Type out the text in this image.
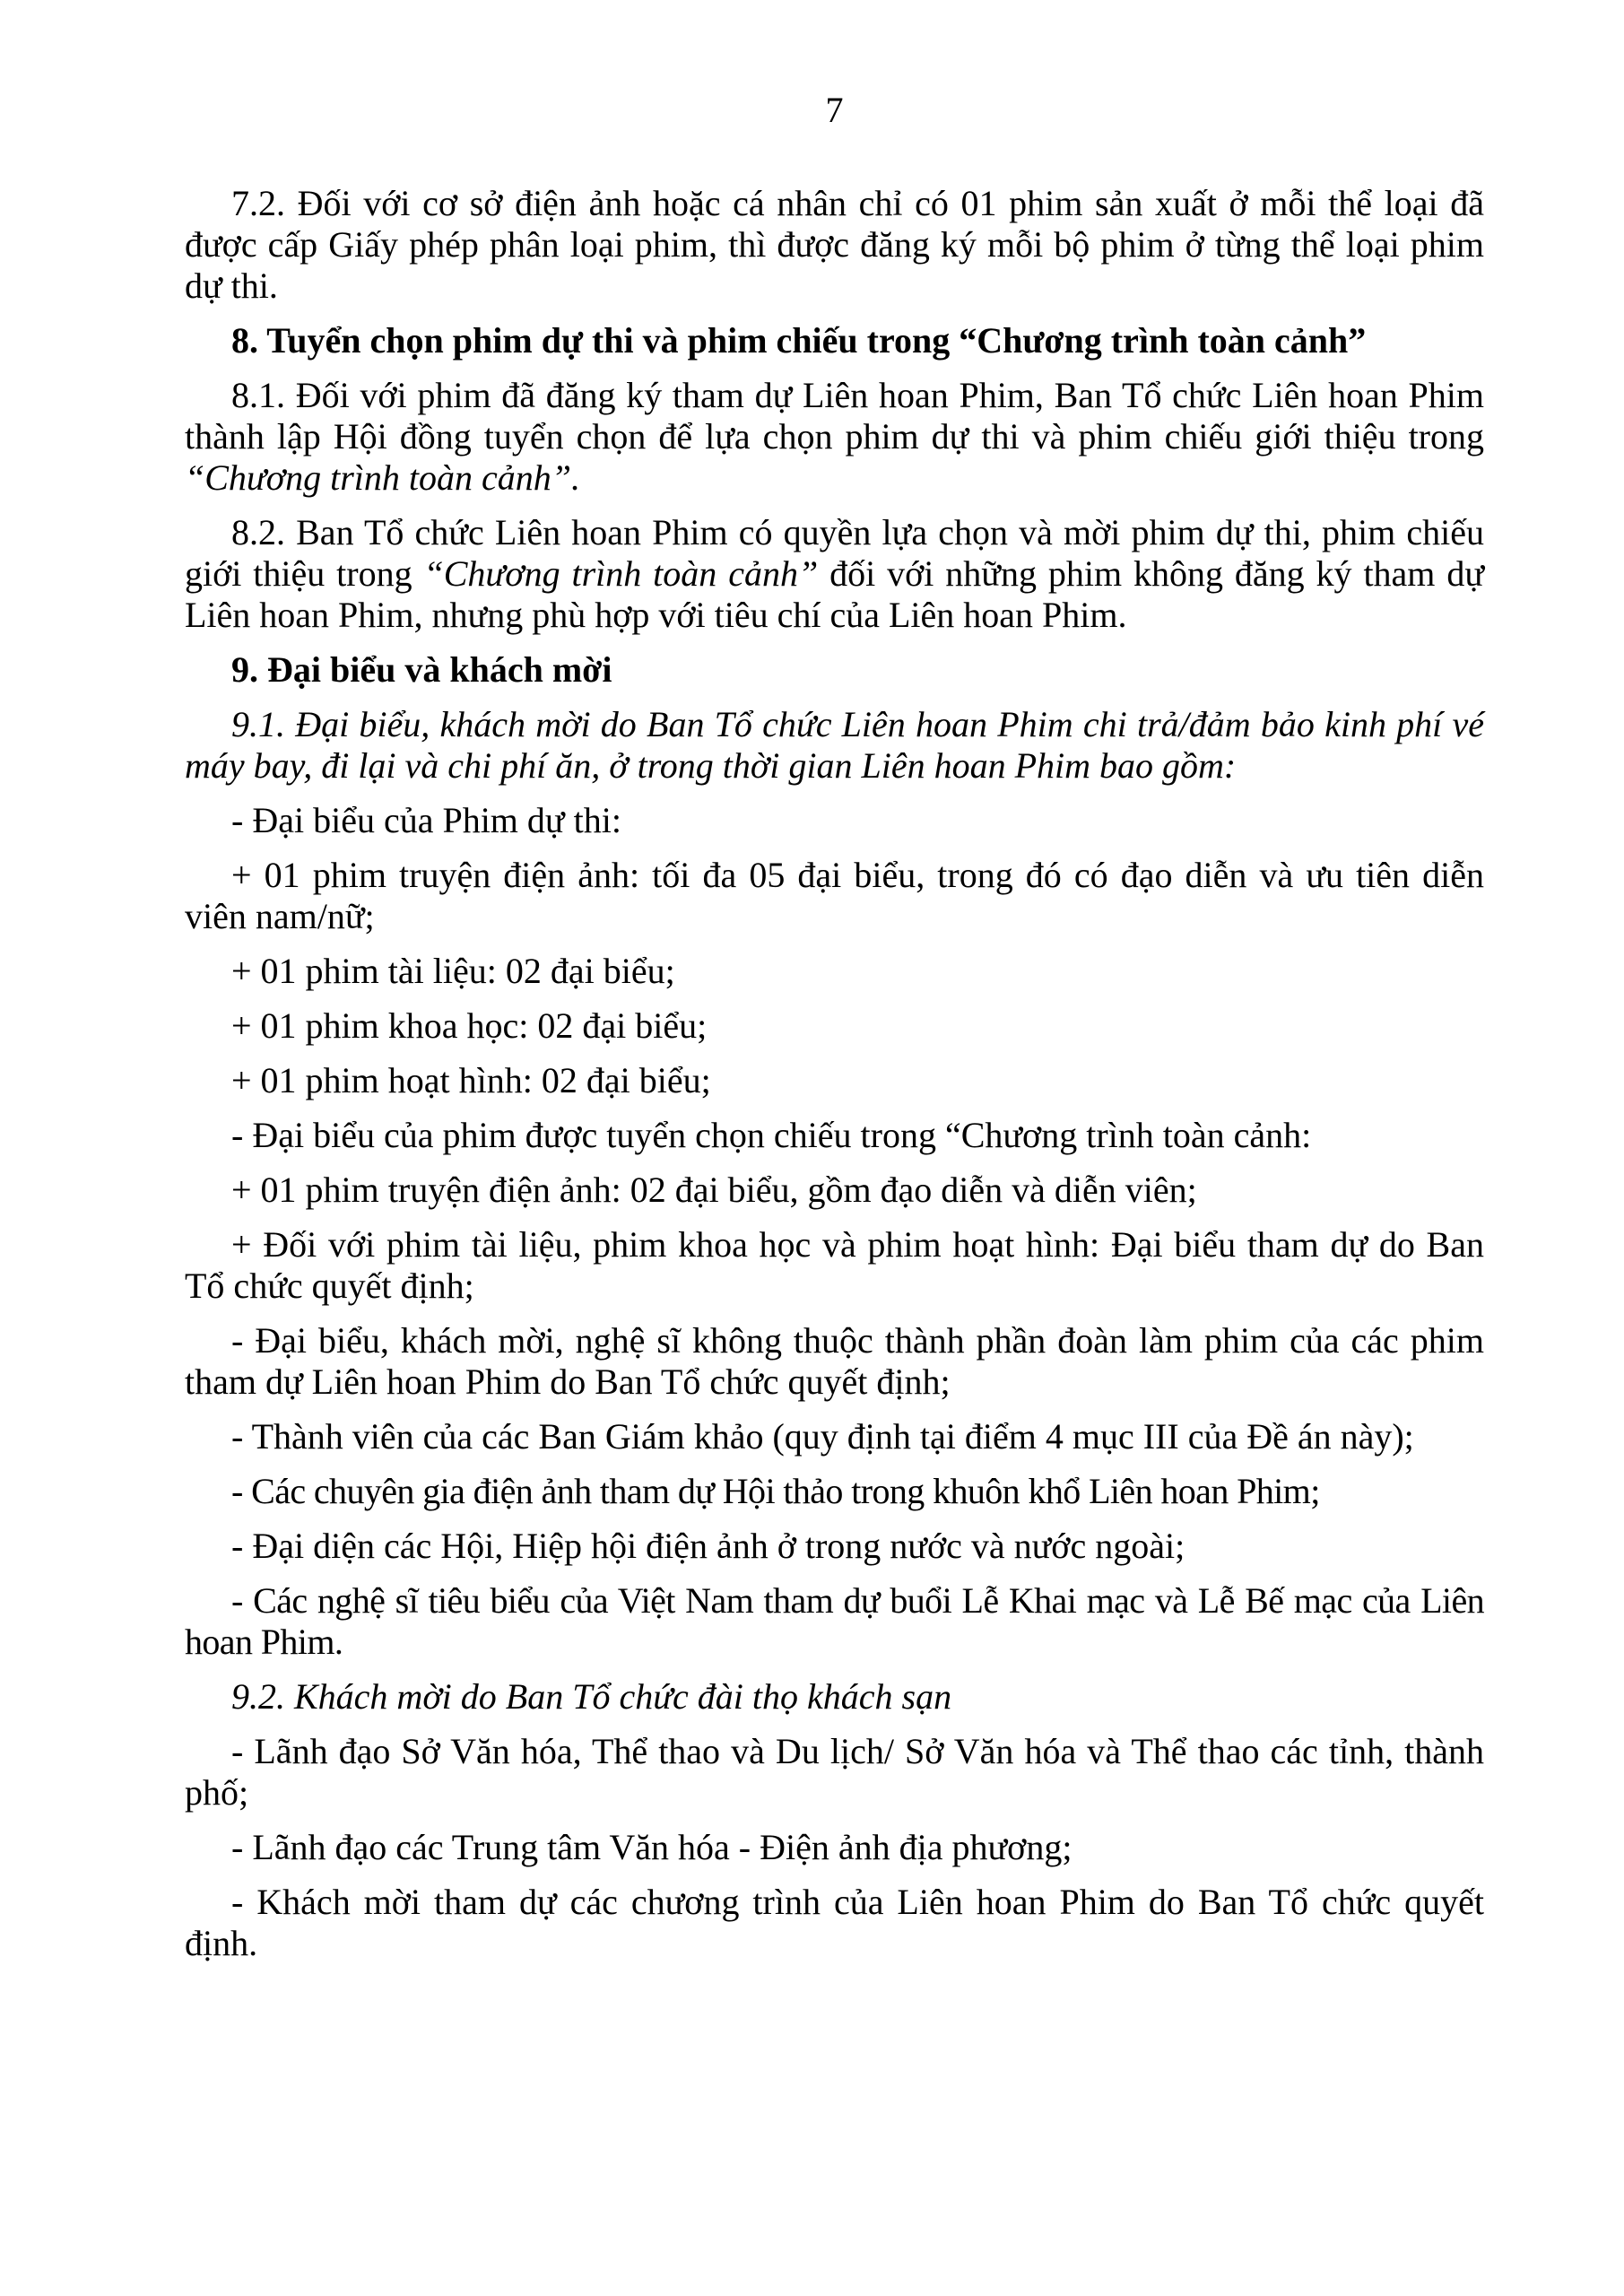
7

7.2. Đối với cơ sở điện ảnh hoặc cá nhân chỉ có 01 phim sản xuất ở mỗi thể loại đã được cấp Giấy phép phân loại phim, thì được đăng ký mỗi bộ phim ở từng thể loại phim dự thi.

8. Tuyển chọn phim dự thi và phim chiếu trong “Chương trình toàn cảnh”

8.1. Đối với phim đã đăng ký tham dự Liên hoan Phim, Ban Tổ chức Liên hoan Phim thành lập Hội đồng tuyển chọn để lựa chọn phim dự thi và phim chiếu giới thiệu trong “Chương trình toàn cảnh”.

8.2. Ban Tổ chức Liên hoan Phim có quyền lựa chọn và mời phim dự thi, phim chiếu giới thiệu trong “Chương trình toàn cảnh” đối với những phim không đăng ký tham dự Liên hoan Phim, nhưng phù hợp với tiêu chí của Liên hoan Phim.

9. Đại biểu và khách mời

9.1. Đại biểu, khách mời do Ban Tổ chức Liên hoan Phim chi trả/đảm bảo kinh phí vé máy bay, đi lại và chi phí ăn, ở trong thời gian Liên hoan Phim bao gồm:

- Đại biểu của Phim dự thi:

+ 01 phim truyện điện ảnh: tối đa 05 đại biểu, trong đó có đạo diễn và ưu tiên diễn viên nam/nữ;

+ 01 phim tài liệu: 02 đại biểu;

+ 01 phim khoa học: 02 đại biểu;

+ 01 phim hoạt hình: 02 đại biểu;

- Đại biểu của phim được tuyển chọn chiếu trong “Chương trình toàn cảnh:

+ 01 phim truyện điện ảnh: 02 đại biểu, gồm đạo diễn và diễn viên;

+ Đối với phim tài liệu, phim khoa học và phim hoạt hình: Đại biểu tham dự do Ban Tổ chức quyết định;

- Đại biểu, khách mời, nghệ sĩ không thuộc thành phần đoàn làm phim của các phim tham dự Liên hoan Phim do Ban Tổ chức quyết định;

- Thành viên của các Ban Giám khảo (quy định tại điểm 4 mục III của Đề án này);

- Các chuyên gia điện ảnh tham dự Hội thảo trong khuôn khổ Liên hoan Phim;

- Đại diện các Hội, Hiệp hội điện ảnh ở trong nước và nước ngoài;

- Các nghệ sĩ tiêu biểu của Việt Nam tham dự buổi Lễ Khai mạc và Lễ Bế mạc của Liên hoan Phim.

9.2. Khách mời do Ban Tổ chức đài thọ khách sạn

- Lãnh đạo Sở Văn hóa, Thể thao và Du lịch/ Sở Văn hóa và Thể thao các tỉnh, thành phố;

- Lãnh đạo các Trung tâm Văn hóa - Điện ảnh địa phương;

- Khách mời tham dự các chương trình của Liên hoan Phim do Ban Tổ chức quyết định.
